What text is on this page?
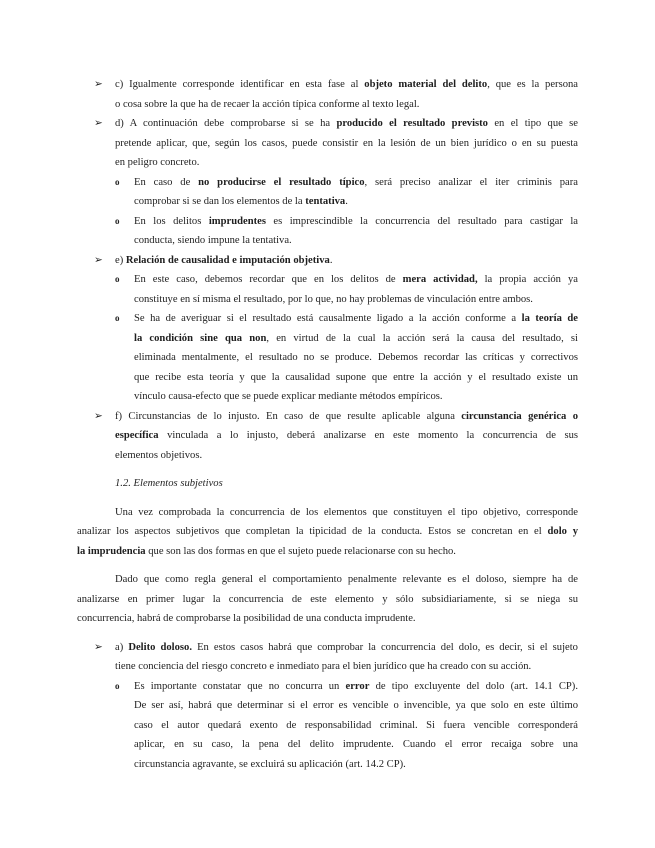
➢ c) Igualmente corresponde identificar en esta fase al objeto material del delito, que es la persona
o cosa sobre la que ha de recaer la acción típica conforme al texto legal.
➢ d) A continuación debe comprobarse si se ha producido el resultado previsto en el tipo que se
pretende aplicar, que, según los casos, puede consistir en la lesión de un bien jurídico o en su puesta
en peligro concreto.
o En caso de no producirse el resultado típico, será preciso analizar el iter criminis para
comprobar si se dan los elementos de la tentativa.
o En los delitos imprudentes es imprescindible la concurrencia del resultado para castigar la
conducta, siendo impune la tentativa.
➢ e) Relación de causalidad e imputación objetiva.
o En este caso, debemos recordar que en los delitos de mera actividad, la propia acción ya
constituye en sí misma el resultado, por lo que, no hay problemas de vinculación entre ambos.
o Se ha de averiguar si el resultado está causalmente ligado a la acción conforme a la teoría de
la condición sine qua non, en virtud de la cual la acción será la causa del resultado, si
eliminada mentalmente, el resultado no se produce. Debemos recordar las críticas y correctivos
que recibe esta teoría y que la causalidad supone que entre la acción y el resultado existe un
vínculo causa-efecto que se puede explicar mediante métodos empíricos.
➢ f) Circunstancias de lo injusto. En caso de que resulte aplicable alguna circunstancia genérica o
específica vinculada a lo injusto, deberá analizarse en este momento la concurrencia de sus
elementos objetivos.
1.2. Elementos subjetivos
Una vez comprobada la concurrencia de los elementos que constituyen el tipo objetivo, corresponde
analizar los aspectos subjetivos que completan la tipicidad de la conducta. Estos se concretan en el dolo y
la imprudencia que son las dos formas en que el sujeto puede relacionarse con su hecho.
Dado que como regla general el comportamiento penalmente relevante es el doloso, siempre ha de
analizarse en primer lugar la concurrencia de este elemento y sólo subsidiariamente, si se niega su
concurrencia, habrá de comprobarse la posibilidad de una conducta imprudente.
➢ a) Delito doloso. En estos casos habrá que comprobar la concurrencia del dolo, es decir, si el sujeto
tiene conciencia del riesgo concreto e inmediato para el bien jurídico que ha creado con su acción.
o Es importante constatar que no concurra un error de tipo excluyente del dolo (art. 14.1 CP).
De ser así, habrá que determinar si el error es vencible o invencible, ya que solo en este último
caso el autor quedará exento de responsabilidad criminal. Si fuera vencible corresponderá
aplicar, en su caso, la pena del delito imprudente. Cuando el error recaiga sobre una
circunstancia agravante, se excluirá su aplicación (art. 14.2 CP).
